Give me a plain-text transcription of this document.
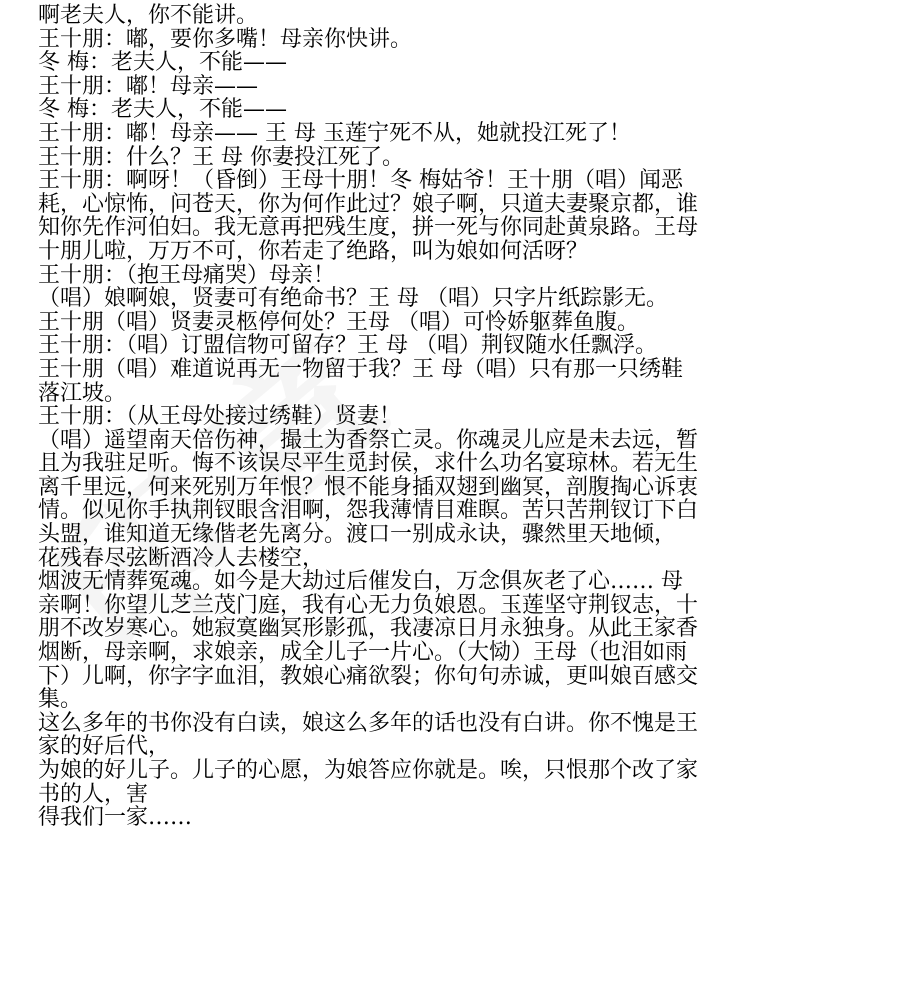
啊老夫人，你不能讲。
王十朋：嘟，要你多嘴！母亲你快讲。
冬 梅：老夫人，不能——
王十朋：嘟！母亲——
冬 梅：老夫人，不能——
王十朋：嘟！母亲—— 王 母 玉莲宁死不从，她就投江死了！
王十朋：什么？王 母 你妻投江死了。
王十朋：啊呀！（昏倒）王母十朋！冬 梅姑爷！王十朋（唱）闻恶
耗，心惊怖，问苍天，你为何作此过？娘子啊，只道夫妻聚京都，谁
知你先作河伯妇。我无意再把残生度，拼一死与你同赴黄泉路。王母
十朋儿啦，万万不可，你若走了绝路，叫为娘如何活呀？
王十朋：（抱王母痛哭）母亲！
（唱）娘啊娘，贤妻可有绝命书？王 母 （唱）只字片纸踪影无。
王十朋（唱）贤妻灵柩停何处？王母 （唱）可怜娇躯葬鱼腹。
王十朋：（唱）订盟信物可留存？王 母 （唱）荆钗随水任飘浮。
王十朋（唱）难道说再无一物留于我？王 母（唱）只有那一只绣鞋
落江坡。
王十朋：（从王母处接过绣鞋）贤妻！
（唱）遥望南天倍伤神，撮土为香祭亡灵。你魂灵儿应是未去远，暂
且为我驻足听。悔不该误尽平生觅封侯，求什么功名宴琼林。若无生
离千里远，何来死别万年恨？恨不能身插双翅到幽冥，剖腹掏心诉衷
情。似见你手执荆钗眼含泪啊，怨我薄情目难瞑。苦只苦荆钗订下白
头盟，谁知道无缘偕老先离分。渡口一别成永诀，骤然里天地倾，
花残春尽弦断酒冷人去楼空，
烟波无情葬冤魂。如今是大劫过后催发白，万念俱灰老了心…… 母
亲啊！你望儿芝兰茂门庭，我有心无力负娘恩。玉莲坚守荆钗志，十
朋不改岁寒心。她寂寞幽冥形影孤，我凄凉日月永独身。从此王家香
烟断，母亲啊，求娘亲，成全儿子一片心。（大恸）王母（也泪如雨
下）儿啊，你字字血泪，教娘心痛欲裂；你句句赤诚，更叫娘百感交
集。
这么多年的书你没有白读，娘这么多年的话也没有白讲。你不愧是王
家的好后代，
为娘的好儿子。儿子的心愿，为娘答应你就是。唉，只恨那个改了家
书的人，害
得我们一家……
